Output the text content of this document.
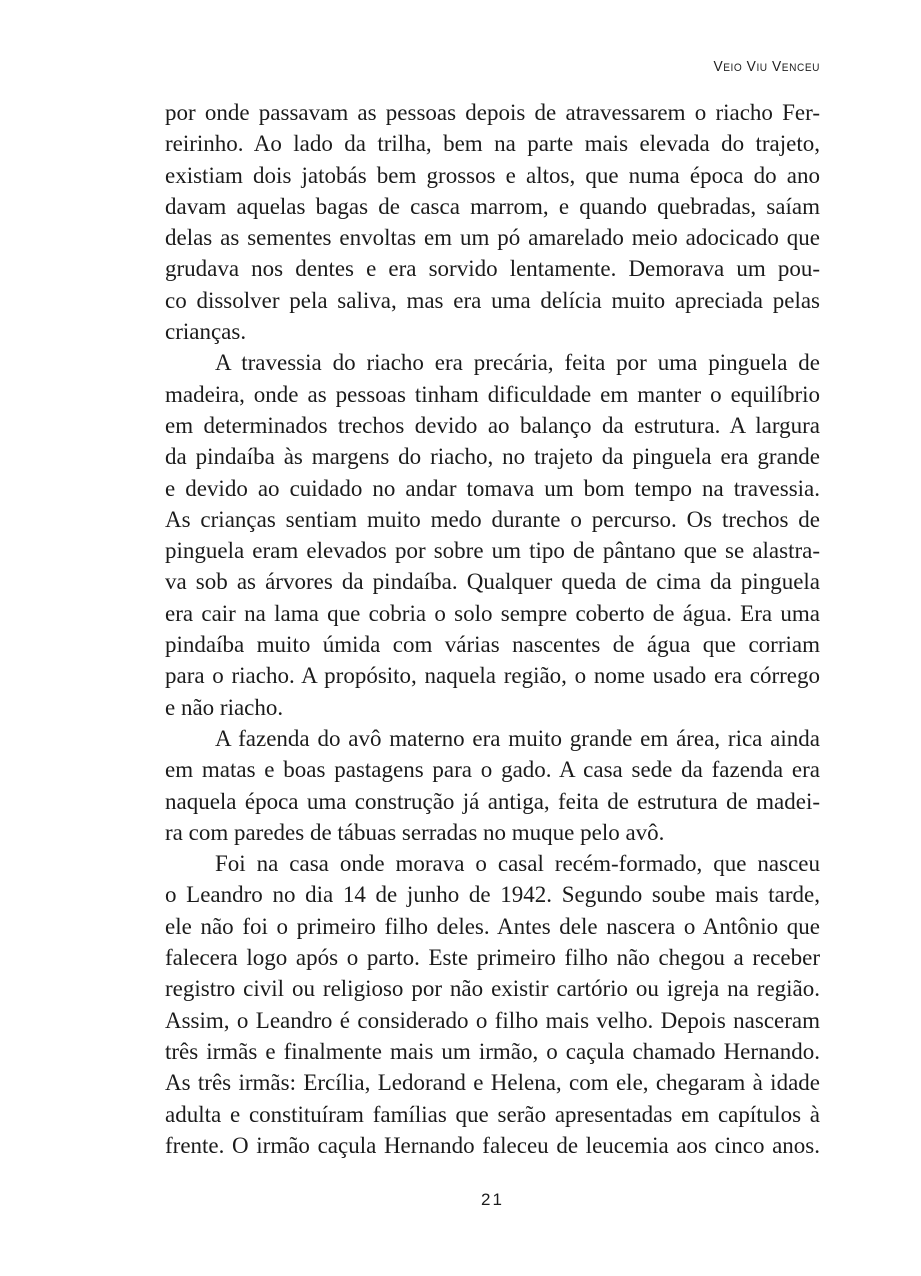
Veio Viu Venceu
por onde passavam as pessoas depois de atravessarem o riacho Fer-
reirinho. Ao lado da trilha, bem na parte mais elevada do trajeto,
existiam dois jatobás bem grossos e altos, que numa época do ano
davam aquelas bagas de casca marrom, e quando quebradas, saíam
delas as sementes envoltas em um pó amarelado meio adocicado que
grudava nos dentes e era sorvido lentamente. Demorava um pou-
co dissolver pela saliva, mas era uma delícia muito apreciada pelas
crianças.
A travessia do riacho era precária, feita por uma pinguela de
madeira, onde as pessoas tinham dificuldade em manter o equilíbrio
em determinados trechos devido ao balanço da estrutura. A largura
da pindaíba às margens do riacho, no trajeto da pinguela era grande
e devido ao cuidado no andar tomava um bom tempo na travessia.
As crianças sentiam muito medo durante o percurso. Os trechos de
pinguela eram elevados por sobre um tipo de pântano que se alastra-
va sob as árvores da pindaíba. Qualquer queda de cima da pinguela
era cair na lama que cobria o solo sempre coberto de água. Era uma
pindaíba muito úmida com várias nascentes de água que corriam
para o riacho. A propósito, naquela região, o nome usado era córrego
e não riacho.
A fazenda do avô materno era muito grande em área, rica ainda
em matas e boas pastagens para o gado. A casa sede da fazenda era
naquela época uma construção já antiga, feita de estrutura de madei-
ra com paredes de tábuas serradas no muque pelo avô.
Foi na casa onde morava o casal recém-formado, que nasceu
o Leandro no dia 14 de junho de 1942. Segundo soube mais tarde,
ele não foi o primeiro filho deles. Antes dele nascera o Antônio que
falecera logo após o parto. Este primeiro filho não chegou a receber
registro civil ou religioso por não existir cartório ou igreja na região.
Assim, o Leandro é considerado o filho mais velho. Depois nasceram
três irmãs e finalmente mais um irmão, o caçula chamado Hernando.
As três irmãs: Ercília, Ledorand e Helena, com ele, chegaram à idade
adulta e constituíram famílias que serão apresentadas em capítulos à
frente. O irmão caçula Hernando faleceu de leucemia aos cinco anos.
21
